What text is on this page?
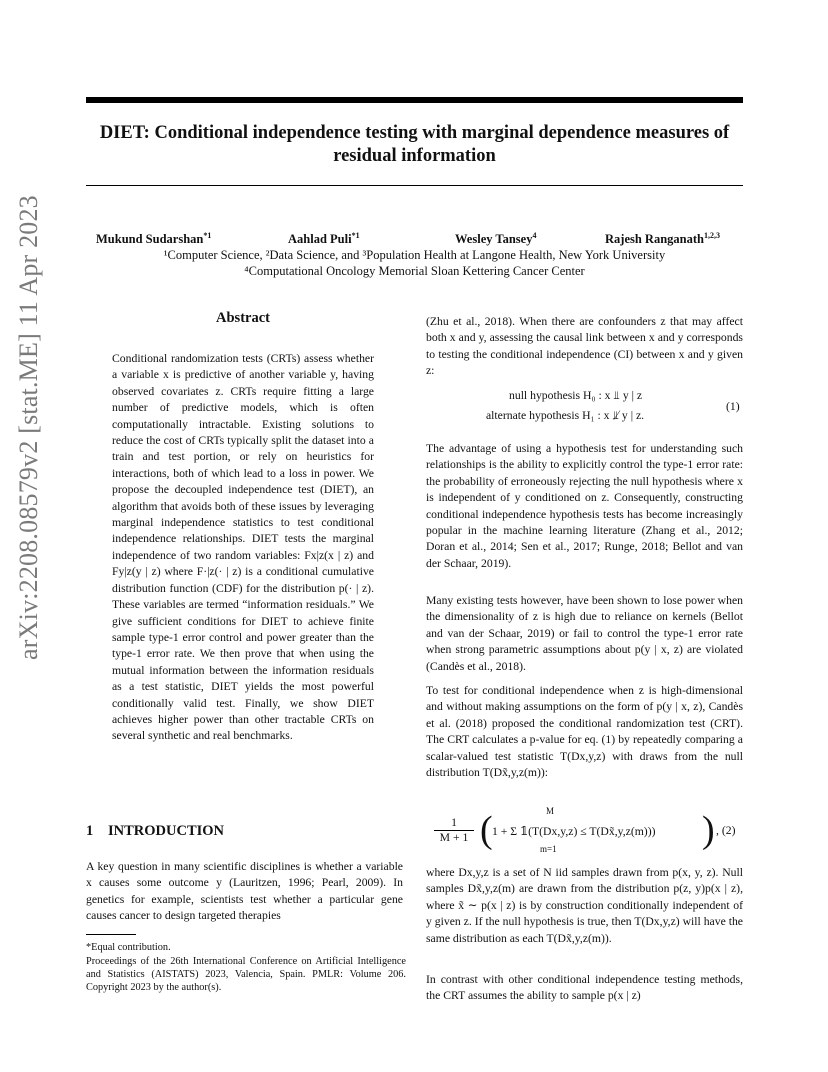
arXiv:2208.08579v2 [stat.ME] 11 Apr 2023
DIET: Conditional independence testing with marginal dependence measures of residual information
Mukund Sudarshan$^{*1}$	Aahlad Puli$^{*1}$	Wesley Tansey$^4$	Rajesh Ranganath$^{1,2,3}$
¹Computer Science, ²Data Science, and ³Population Health at Langone Health, New York University
⁴Computational Oncology Memorial Sloan Kettering Cancer Center
Abstract

Conditional randomization tests (CRTs) assess whether a variable x is predictive of another variable y, having observed covariates z. CRTs require fitting a large number of predictive models, which is often computationally intractable. Existing solutions to reduce the cost of CRTs typically split the dataset into a train and test portion, or rely on heuristics for interactions, both of which lead to a loss in power. We propose the decoupled independence test (DIET), an algorithm that avoids both of these issues by leveraging marginal independence statistics to test conditional independence relationships. DIET tests the marginal independence of two random variables: Fx|z(x | z) and Fy|z(y | z) where F·|z(· | z) is a conditional cumulative distribution function (CDF) for the distribution p(· | z). These variables are termed “information residuals.” We give sufficient conditions for DIET to achieve finite sample type-1 error control and power greater than the type-1 error rate. We then prove that when using the mutual information between the information residuals as a test statistic, DIET yields the most powerful conditionally valid test. Finally, we show DIET achieves higher power than other tractable CRTs on several synthetic and real benchmarks.

1 INTRODUCTION

A key question in many scientific disciplines is whether a variable x causes some outcome y (Lauritzen, 1996; Pearl, 2009). In genetics for example, scientists test whether a particular gene causes cancer to design targeted therapies

*Equal contribution.

Proceedings of the 26th International Conference on Artificial Intelligence and Statistics (AISTATS) 2023, Valencia, Spain. PMLR: Volume 206. Copyright 2023 by the author(s).

(Zhu et al., 2018). When there are confounders z that may affect both x and y, assessing the causal link between x and y corresponds to testing the conditional independence (CI) between x and y given z:

null hypothesis H₀ : x ⫫ y | z
alternate hypothesis H₁ : x ⫫̸ y | z.
(1)

The advantage of using a hypothesis test for understanding such relationships is the ability to explicitly control the type-1 error rate: the probability of erroneously rejecting the null hypothesis where x is independent of y conditioned on z. Consequently, constructing conditional independence hypothesis tests has become increasingly popular in the machine learning literature (Zhang et al., 2012; Doran et al., 2014; Sen et al., 2017; Runge, 2018; Bellot and van der Schaar, 2019).

Many existing tests however, have been shown to lose power when the dimensionality of z is high due to reliance on kernels (Bellot and van der Schaar, 2019) or fail to control the type-1 error rate when strong parametric assumptions about p(y | x, z) are violated (Candès et al., 2018).

To test for conditional independence when z is high-dimensional and without making assumptions on the form of p(y | x, z), Candès et al. (2018) proposed the conditional randomization test (CRT). The CRT calculates a p-value for eq. (1) by repeatedly comparing a scalar-valued test statistic T(Dx,y,z) with draws from the null distribution T(Dx̃,y,z(m)):

$\frac{1}{M + 1}$ (	M
m=1
1 + Σ 𝟙(T(Dx,y,z) ≤ T(Dx̃,y,z(m))) ) , (2)

where Dx,y,z is a set of N iid samples drawn from p(x, y, z). Null samples Dx̃,y,z(m) are drawn from the distribution p(z, y)p(x | z), where x̃ ∼ p(x | z) is by construction conditionally independent of y given z. If the null hypothesis is true, then T(Dx,y,z) will have the same distribution as each T(Dx̃,y,z(m)).

In contrast with other conditional independence testing methods, the CRT assumes the ability to sample p(x | z)
